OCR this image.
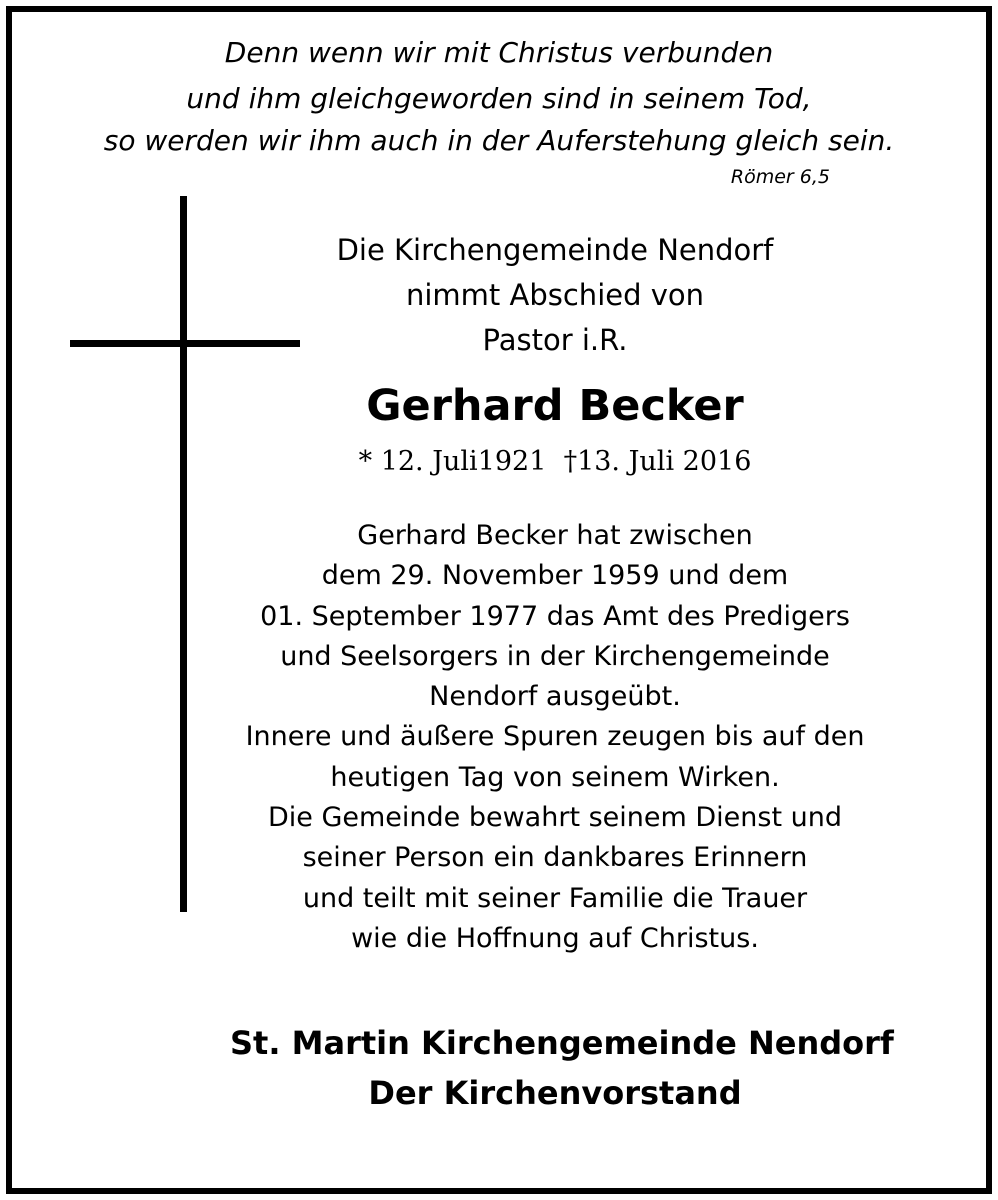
Denn wenn wir mit Christus verbunden
und ihm gleichgeworden sind in seinem Tod,
so werden wir ihm auch in der Auferstehung gleich sein.
Römer 6,5
Die Kirchengemeinde Nendorf
nimmt Abschied von
Pastor i.R.
Gerhard Becker
* 12. Juli1921  †13. Juli 2016
Gerhard Becker hat zwischen
dem 29. November 1959 und dem
01. September 1977 das Amt des Predigers
und Seelsorgers in der Kirchengemeinde
Nendorf ausgeübt.
Innere und äußere Spuren zeugen bis auf den
heutigen Tag von seinem Wirken.
Die Gemeinde bewahrt seinem Dienst und
seiner Person ein dankbares Erinnern
und teilt mit seiner Familie die Trauer
wie die Hoffnung auf Christus.
St. Martin Kirchengemeinde Nendorf
Der Kirchenvorstand
